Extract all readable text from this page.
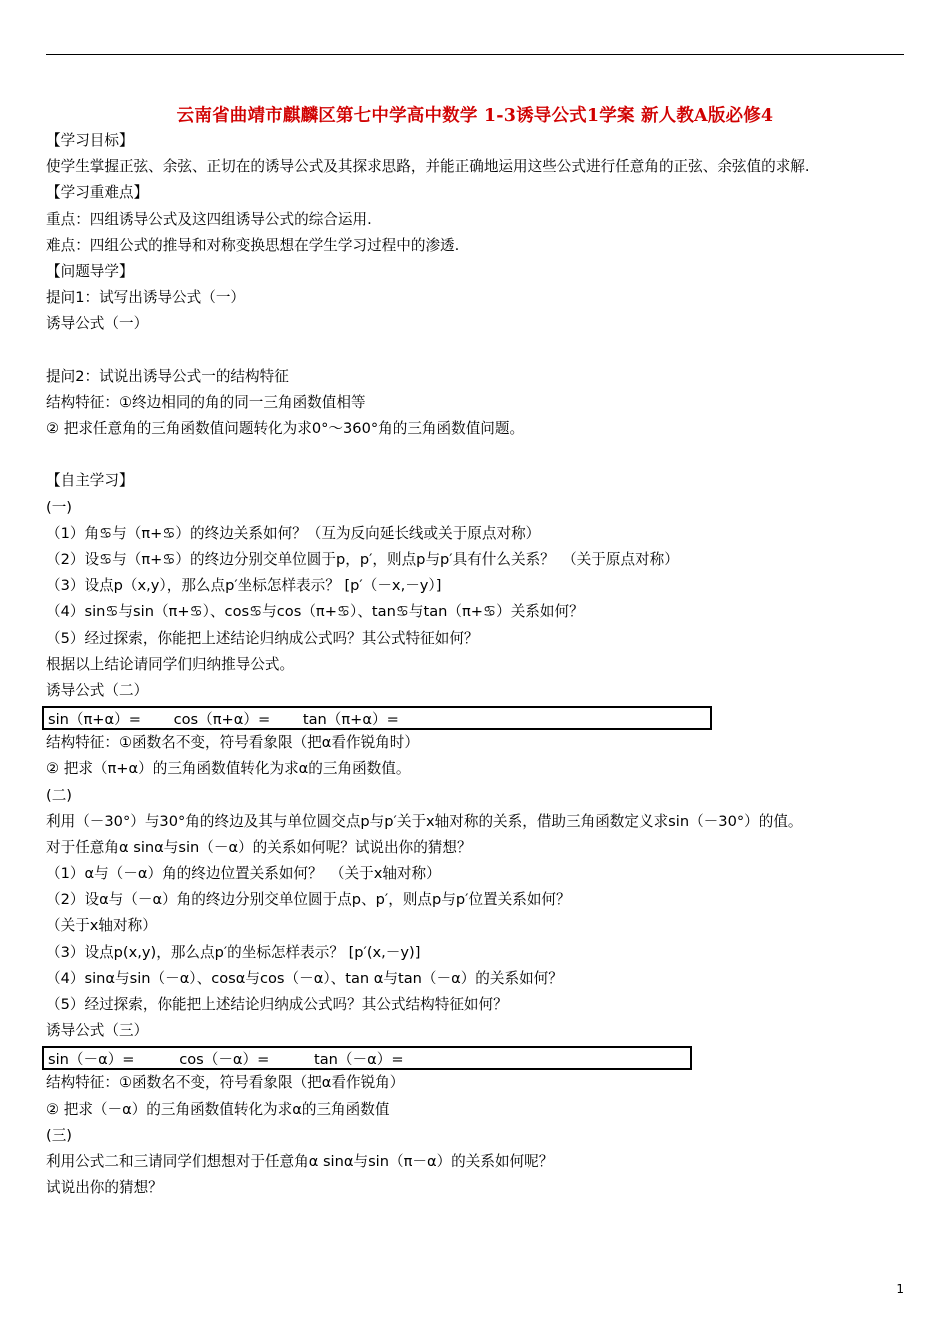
云南省曲靖市麒麟区第七中学高中数学 1-3诱导公式1学案 新人教A版必修4
【学习目标】
使学生掌握正弦、余弦、正切在的诱导公式及其探求思路，并能正确地运用这些公式进行任意角的正弦、余弦值的求解.
【学习重难点】
重点：四组诱导公式及这四组诱导公式的综合运用.
难点：四组公式的推导和对称变换思想在学生学习过程中的渗透.
【问题导学】
提问1：试写出诱导公式（一）
诱导公式（一）
提问2：试说出诱导公式一的结构特征
结构特征：①终边相同的角的同一三角函数值相等
② 把求任意角的三角函数值问题转化为求0°～360°角的三角函数值问题。
【自主学习】
(一)
（1）角♋与（π+♋）的终边关系如何？（互为反向延长线或关于原点对称）
（2）设♋与（π+♋）的终边分别交单位圆于p，p′，则点p与p′具有什么关系？　（关于原点对称）
（3）设点p（x,y），那么点p′坐标怎样表示？ [p′（－x,－y）]
（4）sin♋与sin（π+♋）、cos♋与cos（π+♋）、tan♋与tan（π+♋）关系如何？
（5）经过探索，你能把上述结论归纳成公式吗？其公式特征如何？
根据以上结论请同学们归纳推导公式。
诱导公式（二）
sin（π+α）= cos（π+α）= tan（π+α）=
结构特征：①函数名不变，符号看象限（把α看作锐角时）
② 把求（π+α）的三角函数值转化为求α的三角函数值。
(二)
利用（－30°）与30°角的终边及其与单位圆交点p与p′关于x轴对称的关系，借助三角函数定义求sin（－30°）的值。
对于任意角α sinα与sin（－α）的关系如何呢？试说出你的猜想？
（1）α与（－α）角的终边位置关系如何？　（关于x轴对称）
（2）设α与（－α）角的终边分别交单位圆于点p、p′，则点p与p′位置关系如何？
（关于x轴对称）
（3）设点p(x,y)，那么点p′的坐标怎样表示？ [p′(x,－y)]
（4）sinα与sin（－α）、cosα与cos（－α）、tan α与tan（－α）的关系如何？
（5）经过探索，你能把上述结论归纳成公式吗？其公式结构特征如何？
诱导公式（三）
sin（－α）=	cos（－α）=	tan（－α）=
结构特征：①函数名不变，符号看象限（把α看作锐角）
② 把求（－α）的三角函数值转化为求α的三角函数值
(三)
利用公式二和三请同学们想想对于任意角α sinα与sin（π－α）的关系如何呢？
试说出你的猜想？
1
